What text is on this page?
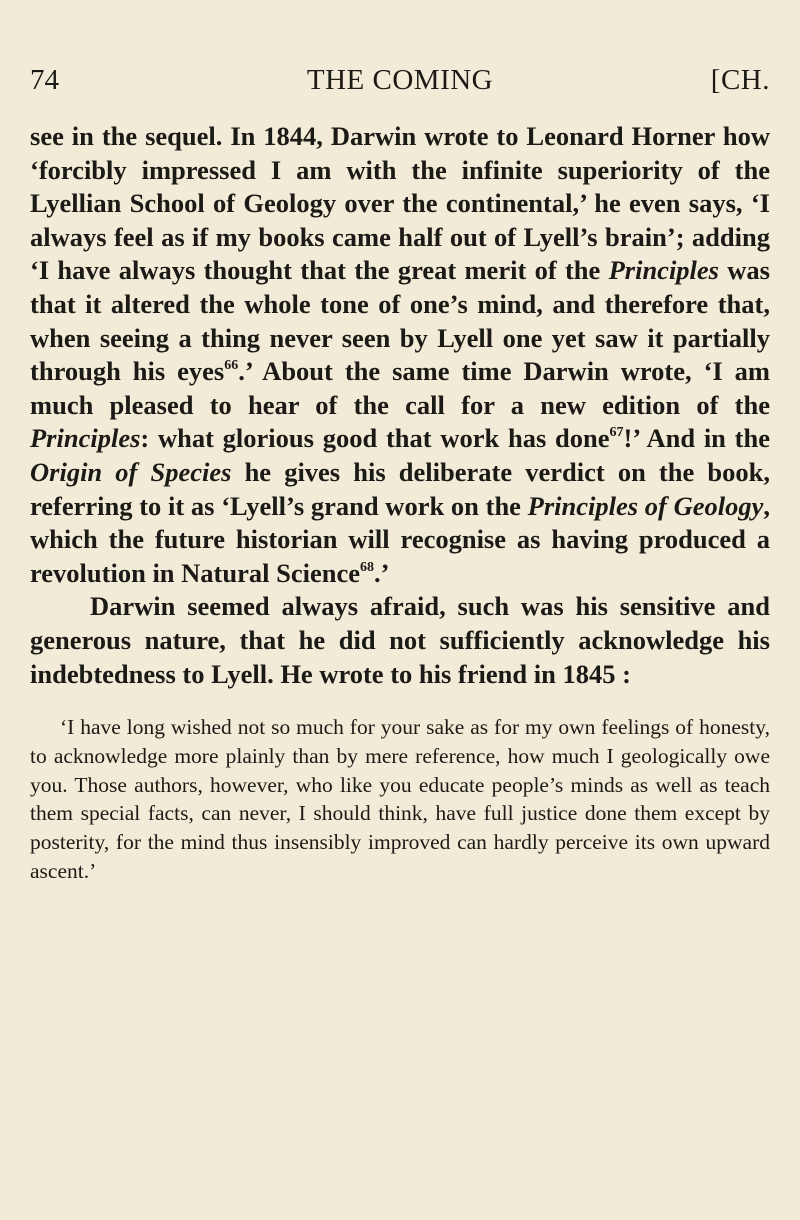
74	THE COMING	[CH.

see in the sequel. In 1844, Darwin wrote to Leonard Horner how ‘forcibly impressed I am with the infinite superiority of the Lyellian School of Geology over the continental,’ he even says, ‘I always feel as if my books came half out of Lyell’s brain’; adding ‘I have always thought that the great merit of the Principles was that it altered the whole tone of one’s mind, and therefore that, when seeing a thing never seen by Lyell one yet saw it partially through his eyes$^{66}$.’ About the same time Darwin wrote, ‘I am much pleased to hear of the call for a new edition of the Principles: what glorious good that work has done$^{67}$!’ And in the Origin of Species he gives his deliberate verdict on the book, referring to it as ‘Lyell’s grand work on the Principles of Geology, which the future historian will recognise as having produced a revolution in Natural Science$^{68}$.’

Darwin seemed always afraid, such was his sensitive and generous nature, that he did not sufficiently acknowledge his indebtedness to Lyell. He wrote to his friend in 1845 :

‘I have long wished not so much for your sake as for my own feelings of honesty, to acknowledge more plainly than by mere reference, how much I geologically owe you. Those authors, however, who like you educate people’s minds as well as teach them special facts, can never, I should think, have full justice done them except by posterity, for the mind thus insensibly improved can hardly perceive its own upward ascent.’
